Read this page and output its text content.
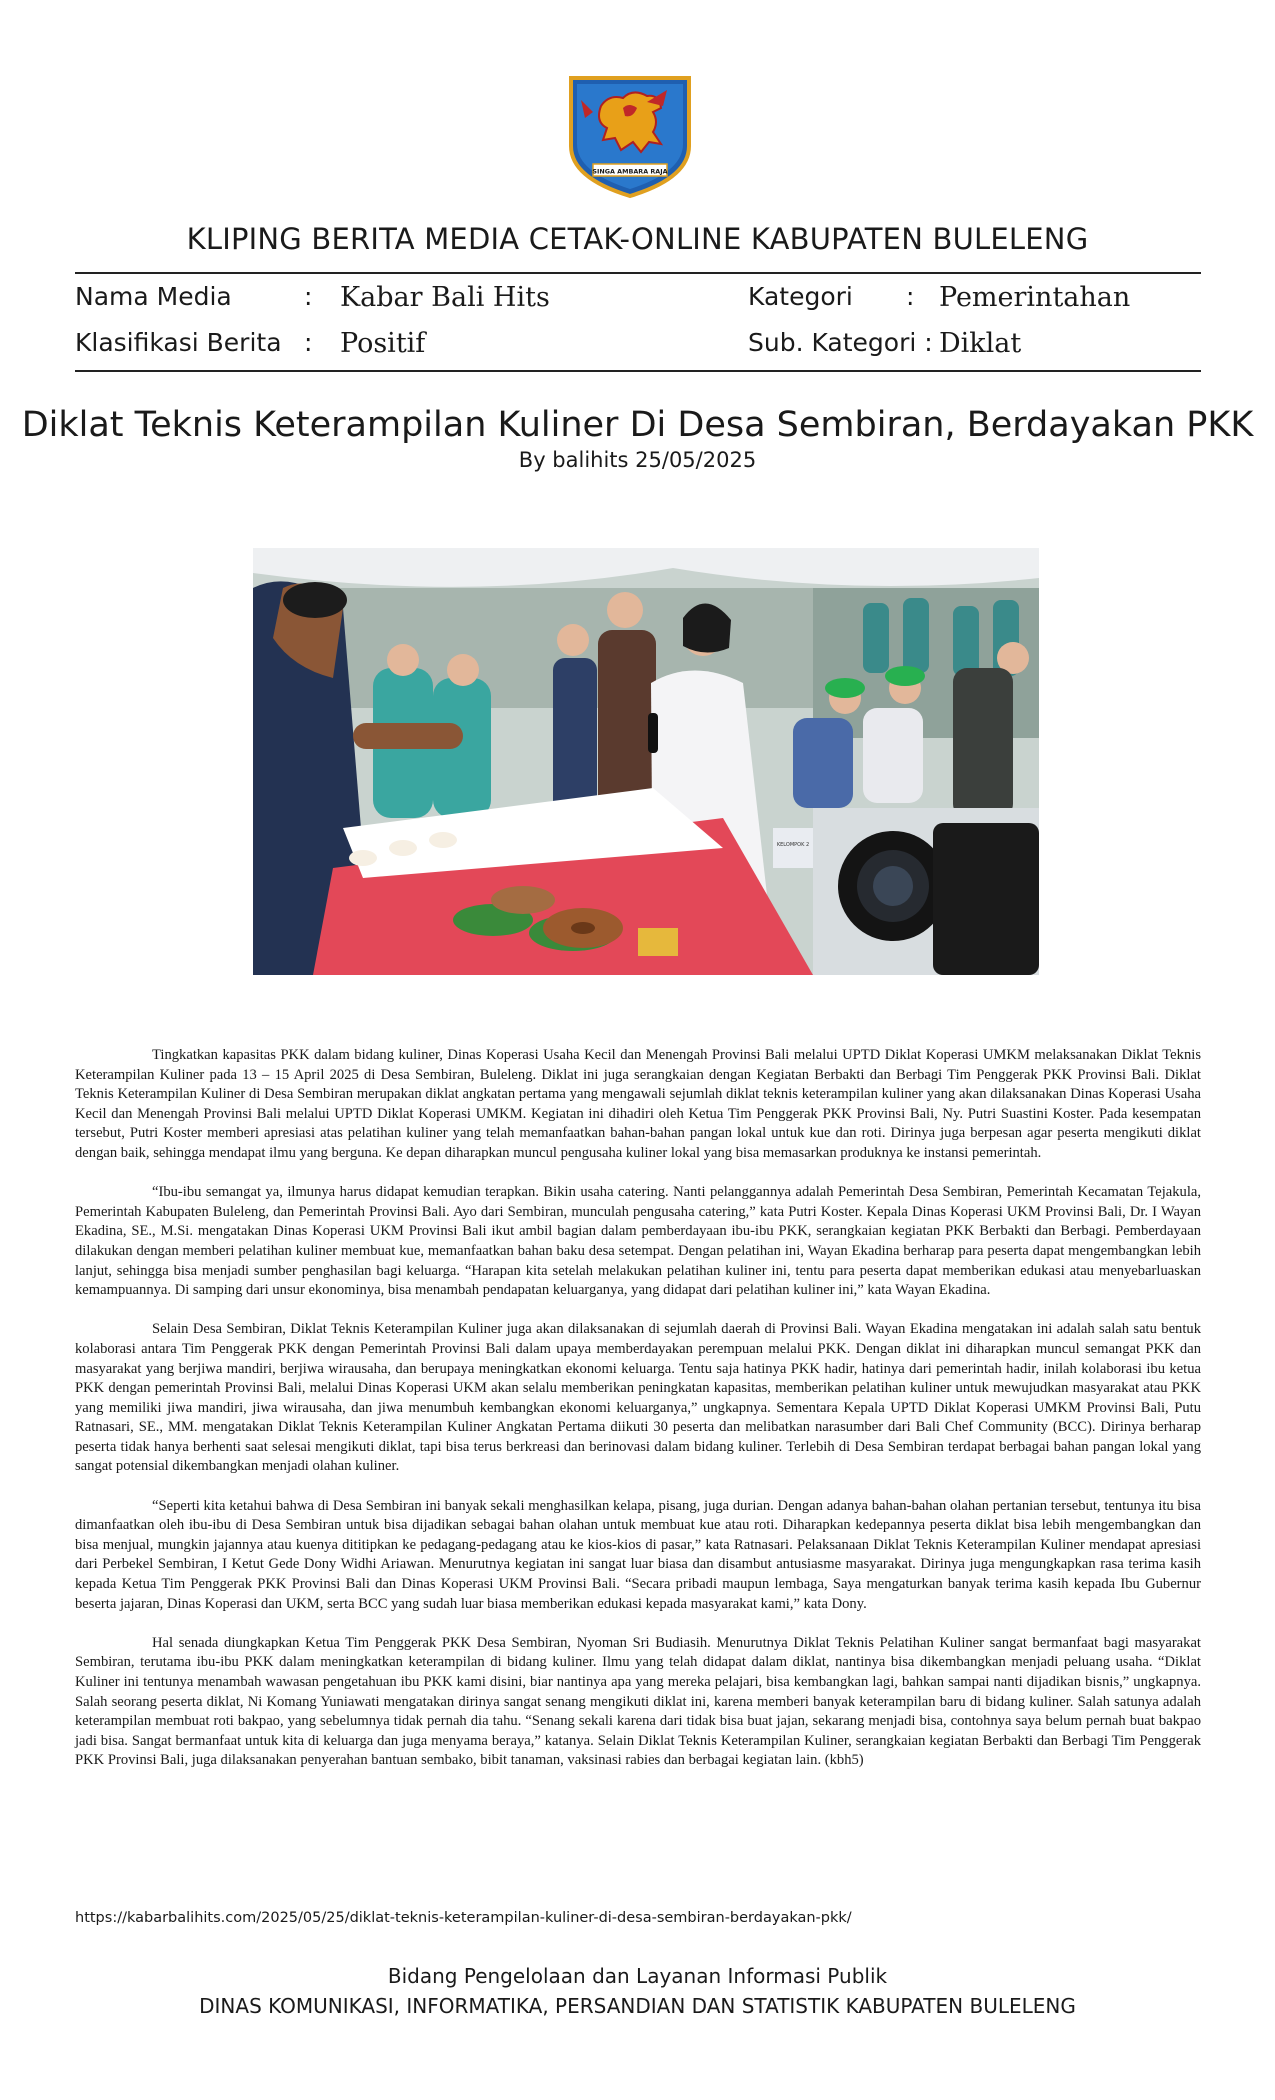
SINGA AMBARA RAJA
KLIPING BERITA MEDIA CETAK-ONLINE KABUPATEN BULELENG
Nama Media	: Kabar Bali Hits
Klasifikasi Berita : Positif
Kategori : Pemerintahan
Sub. Kategori : Diklat
Diklat Teknis Keterampilan Kuliner Di Desa Sembiran, Berdayakan PKK
By balihits 25/05/2025
KELOMPOK 2

Tingkatkan kapasitas PKK dalam bidang kuliner, Dinas Koperasi Usaha Kecil dan Menengah Provinsi Bali melalui UPTD Diklat Koperasi UMKM melaksanakan Diklat Teknis Keterampilan Kuliner pada 13 – 15 April 2025 di Desa Sembiran, Buleleng. Diklat ini juga serangkaian dengan Kegiatan Berbakti dan Berbagi Tim Penggerak PKK Provinsi Bali. Diklat Teknis Keterampilan Kuliner di Desa Sembiran merupakan diklat angkatan pertama yang mengawali sejumlah diklat teknis keterampilan kuliner yang akan dilaksanakan Dinas Koperasi Usaha Kecil dan Menengah Provinsi Bali melalui UPTD Diklat Koperasi UMKM. Kegiatan ini dihadiri oleh Ketua Tim Penggerak PKK Provinsi Bali, Ny. Putri Suastini Koster. Pada kesempatan tersebut, Putri Koster memberi apresiasi atas pelatihan kuliner yang telah memanfaatkan bahan-bahan pangan lokal untuk kue dan roti. Dirinya juga berpesan agar peserta mengikuti diklat dengan baik, sehingga mendapat ilmu yang berguna. Ke depan diharapkan muncul pengusaha kuliner lokal yang bisa memasarkan produknya ke instansi pemerintah.

“Ibu-ibu semangat ya, ilmunya harus didapat kemudian terapkan. Bikin usaha catering. Nanti pelanggannya adalah Pemerintah Desa Sembiran, Pemerintah Kecamatan Tejakula, Pemerintah Kabupaten Buleleng, dan Pemerintah Provinsi Bali. Ayo dari Sembiran, munculah pengusaha catering,” kata Putri Koster. Kepala Dinas Koperasi UKM Provinsi Bali, Dr. I Wayan Ekadina, SE., M.Si. mengatakan Dinas Koperasi UKM Provinsi Bali ikut ambil bagian dalam pemberdayaan ibu-ibu PKK, serangkaian kegiatan PKK Berbakti dan Berbagi. Pemberdayaan dilakukan dengan memberi pelatihan kuliner membuat kue, memanfaatkan bahan baku desa setempat. Dengan pelatihan ini, Wayan Ekadina berharap para peserta dapat mengembangkan lebih lanjut, sehingga bisa menjadi sumber penghasilan bagi keluarga. “Harapan kita setelah melakukan pelatihan kuliner ini, tentu para peserta dapat memberikan edukasi atau menyebarluaskan kemampuannya. Di samping dari unsur ekonominya, bisa menambah pendapatan keluarganya, yang didapat dari pelatihan kuliner ini,” kata Wayan Ekadina.

Selain Desa Sembiran, Diklat Teknis Keterampilan Kuliner juga akan dilaksanakan di sejumlah daerah di Provinsi Bali. Wayan Ekadina mengatakan ini adalah salah satu bentuk kolaborasi antara Tim Penggerak PKK dengan Pemerintah Provinsi Bali dalam upaya memberdayakan perempuan melalui PKK. Dengan diklat ini diharapkan muncul semangat PKK dan masyarakat yang berjiwa mandiri, berjiwa wirausaha, dan berupaya meningkatkan ekonomi keluarga. Tentu saja hatinya PKK hadir, hatinya dari pemerintah hadir, inilah kolaborasi ibu ketua PKK dengan pemerintah Provinsi Bali, melalui Dinas Koperasi UKM akan selalu memberikan peningkatan kapasitas, memberikan pelatihan kuliner untuk mewujudkan masyarakat atau PKK yang memiliki jiwa mandiri, jiwa wirausaha, dan jiwa menumbuh kembangkan ekonomi keluarganya,” ungkapnya. Sementara Kepala UPTD Diklat Koperasi UMKM Provinsi Bali, Putu Ratnasari, SE., MM. mengatakan Diklat Teknis Keterampilan Kuliner Angkatan Pertama diikuti 30 peserta dan melibatkan narasumber dari Bali Chef Community (BCC). Dirinya berharap peserta tidak hanya berhenti saat selesai mengikuti diklat, tapi bisa terus berkreasi dan berinovasi dalam bidang kuliner. Terlebih di Desa Sembiran terdapat berbagai bahan pangan lokal yang sangat potensial dikembangkan menjadi olahan kuliner.

“Seperti kita ketahui bahwa di Desa Sembiran ini banyak sekali menghasilkan kelapa, pisang, juga durian. Dengan adanya bahan-bahan olahan pertanian tersebut, tentunya itu bisa dimanfaatkan oleh ibu-ibu di Desa Sembiran untuk bisa dijadikan sebagai bahan olahan untuk membuat kue atau roti. Diharapkan kedepannya peserta diklat bisa lebih mengembangkan dan bisa menjual, mungkin jajannya atau kuenya dititipkan ke pedagang-pedagang atau ke kios-kios di pasar,” kata Ratnasari. Pelaksanaan Diklat Teknis Keterampilan Kuliner mendapat apresiasi dari Perbekel Sembiran, I Ketut Gede Dony Widhi Ariawan. Menurutnya kegiatan ini sangat luar biasa dan disambut antusiasme masyarakat. Dirinya juga mengungkapkan rasa terima kasih kepada Ketua Tim Penggerak PKK Provinsi Bali dan Dinas Koperasi UKM Provinsi Bali. “Secara pribadi maupun lembaga, Saya mengaturkan banyak terima kasih kepada Ibu Gubernur beserta jajaran, Dinas Koperasi dan UKM, serta BCC yang sudah luar biasa memberikan edukasi kepada masyarakat kami,” kata Dony.

Hal senada diungkapkan Ketua Tim Penggerak PKK Desa Sembiran, Nyoman Sri Budiasih. Menurutnya Diklat Teknis Pelatihan Kuliner sangat bermanfaat bagi masyarakat Sembiran, terutama ibu-ibu PKK dalam meningkatkan keterampilan di bidang kuliner. Ilmu yang telah didapat dalam diklat, nantinya bisa dikembangkan menjadi peluang usaha. “Diklat Kuliner ini tentunya menambah wawasan pengetahuan ibu PKK kami disini, biar nantinya apa yang mereka pelajari, bisa kembangkan lagi, bahkan sampai nanti dijadikan bisnis,” ungkapnya. Salah seorang peserta diklat, Ni Komang Yuniawati mengatakan dirinya sangat senang mengikuti diklat ini, karena memberi banyak keterampilan baru di bidang kuliner. Salah satunya adalah keterampilan membuat roti bakpao, yang sebelumnya tidak pernah dia tahu. “Senang sekali karena dari tidak bisa buat jajan, sekarang menjadi bisa, contohnya saya belum pernah buat bakpao jadi bisa. Sangat bermanfaat untuk kita di keluarga dan juga menyama beraya,” katanya. Selain Diklat Teknis Keterampilan Kuliner, serangkaian kegiatan Berbakti dan Berbagi Tim Penggerak PKK Provinsi Bali, juga dilaksanakan penyerahan bantuan sembako, bibit tanaman, vaksinasi rabies dan berbagai kegiatan lain. (kbh5)

https://kabarbalihits.com/2025/05/25/diklat-teknis-keterampilan-kuliner-di-desa-sembiran-berdayakan-pkk/
Bidang Pengelolaan dan Layanan Informasi Publik
DINAS KOMUNIKASI, INFORMATIKA, PERSANDIAN DAN STATISTIK KABUPATEN BULELENG
